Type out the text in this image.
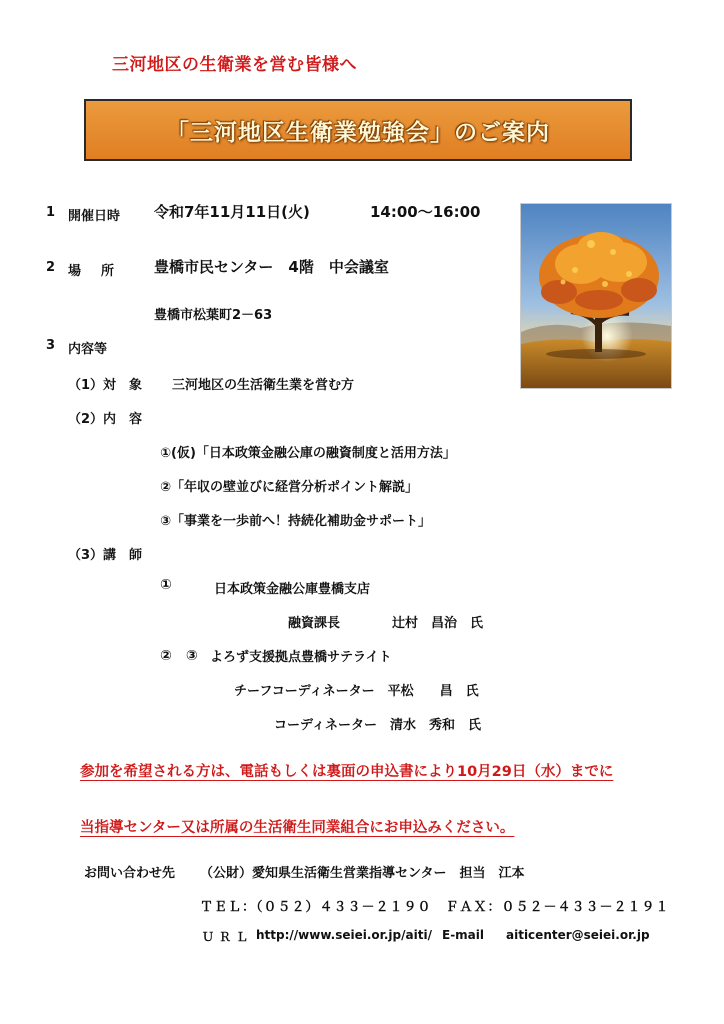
三河地区の生衛業を営む皆様へ
「三河地区生衛業勉強会」のご案内
1 開催日時 令和7年11月11日(火)	14:00〜16:00
2 場 所	豊橋市民センター　4階　中会議室
豊橋市松葉町2－63
3 内容等
（1）対　象 三河地区の生活衛生業を営む方
（2）内　容
①(仮)「日本政策金融公庫の融資制度と活用方法」
②「年収の壁並びに経営分析ポイント解説」
③「事業を一歩前へ！持続化補助金サポート」
（3）講　師
①	日本政策金融公庫豊橋支店
融資課長　　　　辻村　昌治　氏
②　③ よろず支援拠点豊橋サテライト
チーフコーディネーター　平松　　昌　氏
コーディネーター　清水　秀和　氏
参加を希望される方は、電話もしくは裏面の申込書により10月29日（水）までに
当指導センター又は所属の生活衛生同業組合にお申込みください。
お問い合わせ先 （公財）愛知県生活衛生営業指導センター　担当　江本
ＴＥＬ：（０５２）４３３－２１９０　ＦＡＸ：０５２－４３３－２１９１
ＵＲＬ http://www.seiei.or.jp/aiti/ E-mail aiticenter@seiei.or.jp
